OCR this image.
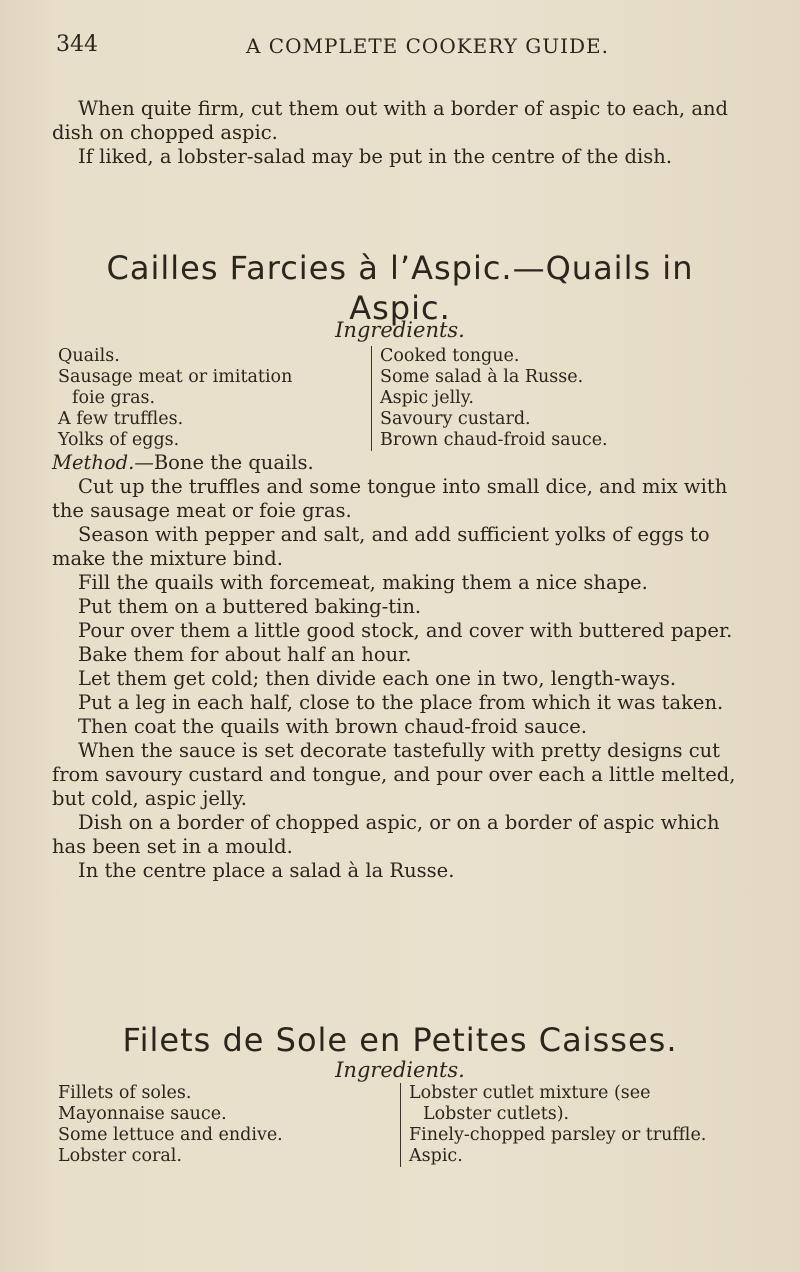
344	A COMPLETE COOKERY GUIDE.

When quite firm, cut them out with a border of aspic to each, and dish on chopped aspic.

If liked, a lobster-salad may be put in the centre of the dish.

Cailles Farcies à l’Aspic.—Quails in
Aspic.
Ingredients.
Quails.
Sausage meat or imitation
foie gras.
A few truffles.
Yolks of eggs.
Cooked tongue.
Some salad à la Russe.
Aspic jelly.
Savoury custard.
Brown chaud-froid sauce.

Method.—Bone the quails.

Cut up the truffles and some tongue into small dice, and mix with the sausage meat or foie gras.

Season with pepper and salt, and add sufficient yolks of eggs to make the mixture bind.

Fill the quails with forcemeat, making them a nice shape.

Put them on a buttered baking-tin.

Pour over them a little good stock, and cover with buttered paper.

Bake them for about half an hour.

Let them get cold; then divide each one in two, length-ways.

Put a leg in each half, close to the place from which it was taken.

Then coat the quails with brown chaud-froid sauce.

When the sauce is set decorate tastefully with pretty designs cut from savoury custard and tongue, and pour over each a little melted, but cold, aspic jelly.

Dish on a border of chopped aspic, or on a border of aspic which has been set in a mould.

In the centre place a salad à la Russe.

Filets de Sole en Petites Caisses.
Ingredients.
Fillets of soles.
Mayonnaise sauce.
Some lettuce and endive.
Lobster coral.
Lobster cutlet mixture (see
Lobster cutlets).
Finely-chopped parsley or truffle.
Aspic.
